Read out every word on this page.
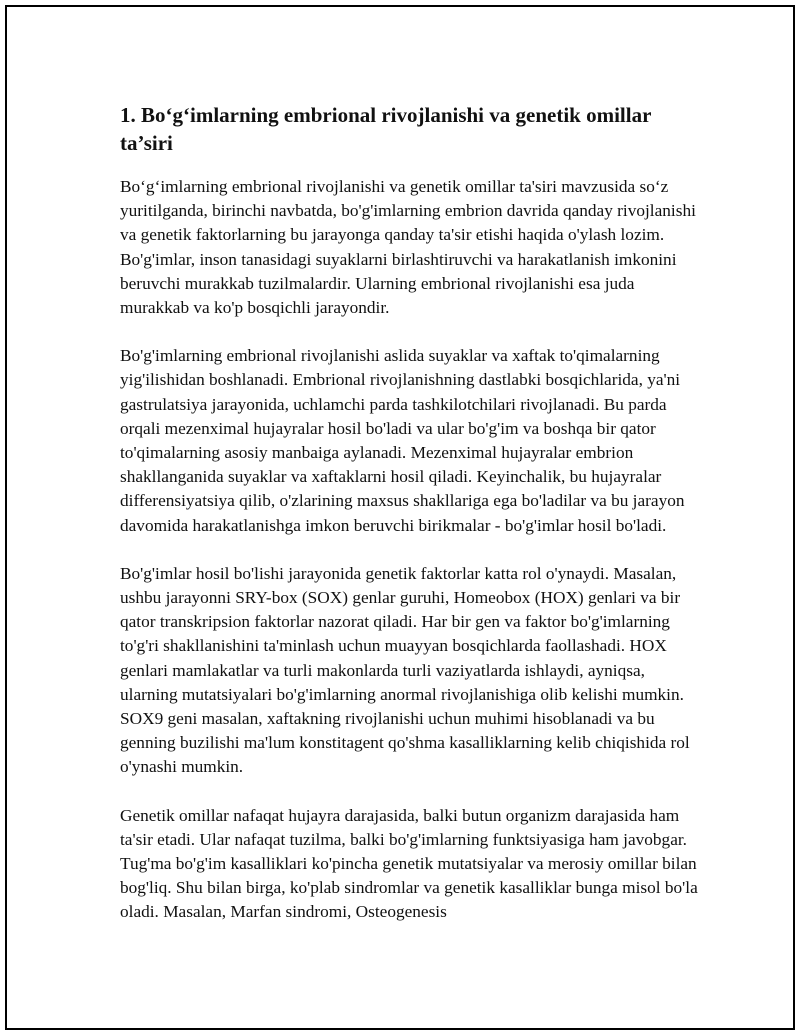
1. Bo‘g‘imlarning embrional rivojlanishi va genetik omillar ta’siri

Bo‘g‘imlarning embrional rivojlanishi va genetik omillar ta'siri mavzusida so‘z yuritilganda, birinchi navbatda, bo'g'imlarning embrion davrida qanday rivojlanishi va genetik faktorlarning bu jarayonga qanday ta'sir etishi haqida o'ylash lozim. Bo'g'imlar, inson tanasidagi suyaklarni birlashtiruvchi va harakatlanish imkonini beruvchi murakkab tuzilmalardir. Ularning embrional rivojlanishi esa juda murakkab va ko'p bosqichli jarayondir.

Bo'g'imlarning embrional rivojlanishi aslida suyaklar va xaftak to'qimalarning yig'ilishidan boshlanadi. Embrional rivojlanishning dastlabki bosqichlarida, ya'ni gastrulatsiya jarayonida, uchlamchi parda tashkilotchilari rivojlanadi. Bu parda orqali mezenximal hujayralar hosil bo'ladi va ular bo'g'im va boshqa bir qator to'qimalarning asosiy manbaiga aylanadi. Mezenximal hujayralar embrion shakllanganida suyaklar va xaftaklarni hosil qiladi. Keyinchalik, bu hujayralar differensiyatsiya qilib, o'zlarining maxsus shakllariga ega bo'ladilar va bu jarayon davomida harakatlanishga imkon beruvchi birikmalar - bo'g'imlar hosil bo'ladi.

Bo'g'imlar hosil bo'lishi jarayonida genetik faktorlar katta rol o'ynaydi. Masalan, ushbu jarayonni SRY-box (SOX) genlar guruhi, Homeobox (HOX) genlari va bir qator transkripsion faktorlar nazorat qiladi. Har bir gen va faktor bo'g'imlarning to'g'ri shakllanishini ta'minlash uchun muayyan bosqichlarda faollashadi. HOX genlari mamlakatlar va turli makonlarda turli vaziyatlarda ishlaydi, ayniqsa, ularning mutatsiyalari bo'g'imlarning anormal rivojlanishiga olib kelishi mumkin. SOX9 geni masalan, xaftakning rivojlanishi uchun muhimi hisoblanadi va bu genning buzilishi ma'lum konstitagent qo'shma kasalliklarning kelib chiqishida rol o'ynashi mumkin.

Genetik omillar nafaqat hujayra darajasida, balki butun organizm darajasida ham ta'sir etadi. Ular nafaqat tuzilma, balki bo'g'imlarning funktsiyasiga ham javobgar. Tug'ma bo'g'im kasalliklari ko'pincha genetik mutatsiyalar va merosiy omillar bilan bog'liq. Shu bilan birga, ko'plab sindromlar va genetik kasalliklar bunga misol bo'la oladi. Masalan, Marfan sindromi, Osteogenesis
